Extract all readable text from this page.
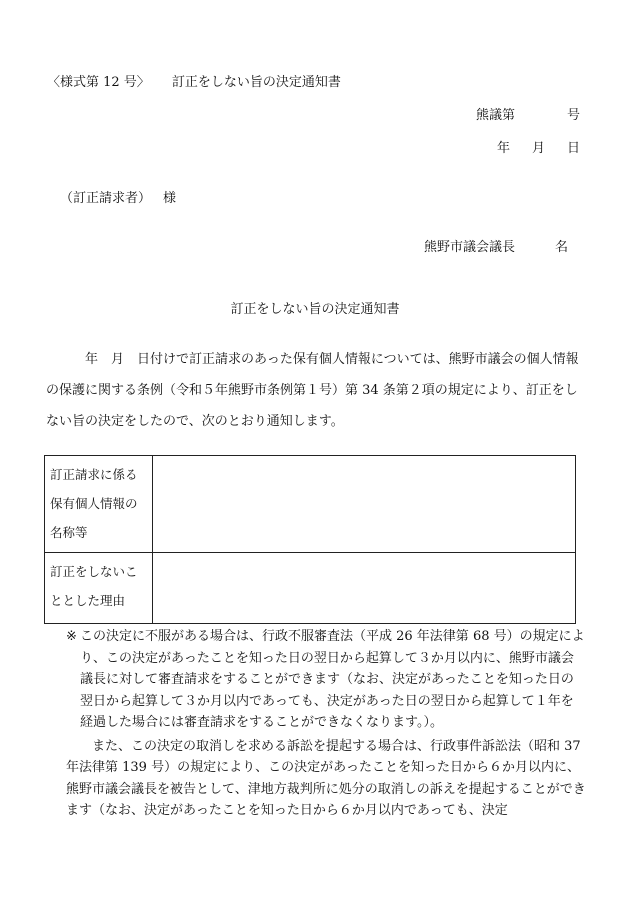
〈様式第 12 号〉 訂正をしない旨の決定通知書
熊議第	号
年 月 日
（訂正請求者） 様
熊野市議会議長	名
訂正をしない旨の決定通知書

　年　月　日付けで訂正請求のあった保有個人情報については、熊野市議会の個人情報の保護に関する条例（令和５年熊野市条例第１号）第 34 条第２項の規定により、訂正をしない旨の決定をしたので、次のとおり通知します。

訂正請求に係る保有個人情報の名称等	
訂正をしないこととした理由	

※ この決定に不服がある場合は、行政不服審査法（平成 26 年法律第 68 号）の規定により、この決定があったことを知った日の翌日から起算して３か月以内に、熊野市議会議長に対して審査請求をすることができます（なお、決定があったことを知った日の翌日から起算して３か月以内であっても、決定があった日の翌日から起算して１年を経過した場合には審査請求をすることができなくなります。）。

また、この決定の取消しを求める訴訟を提起する場合は、行政事件訴訟法（昭和 37 年法律第 139 号）の規定により、この決定があったことを知った日から６か月以内に、熊野市議会議長を被告として、津地方裁判所に処分の取消しの訴えを提起することができます（なお、決定があったことを知った日から６か月以内であっても、決定
